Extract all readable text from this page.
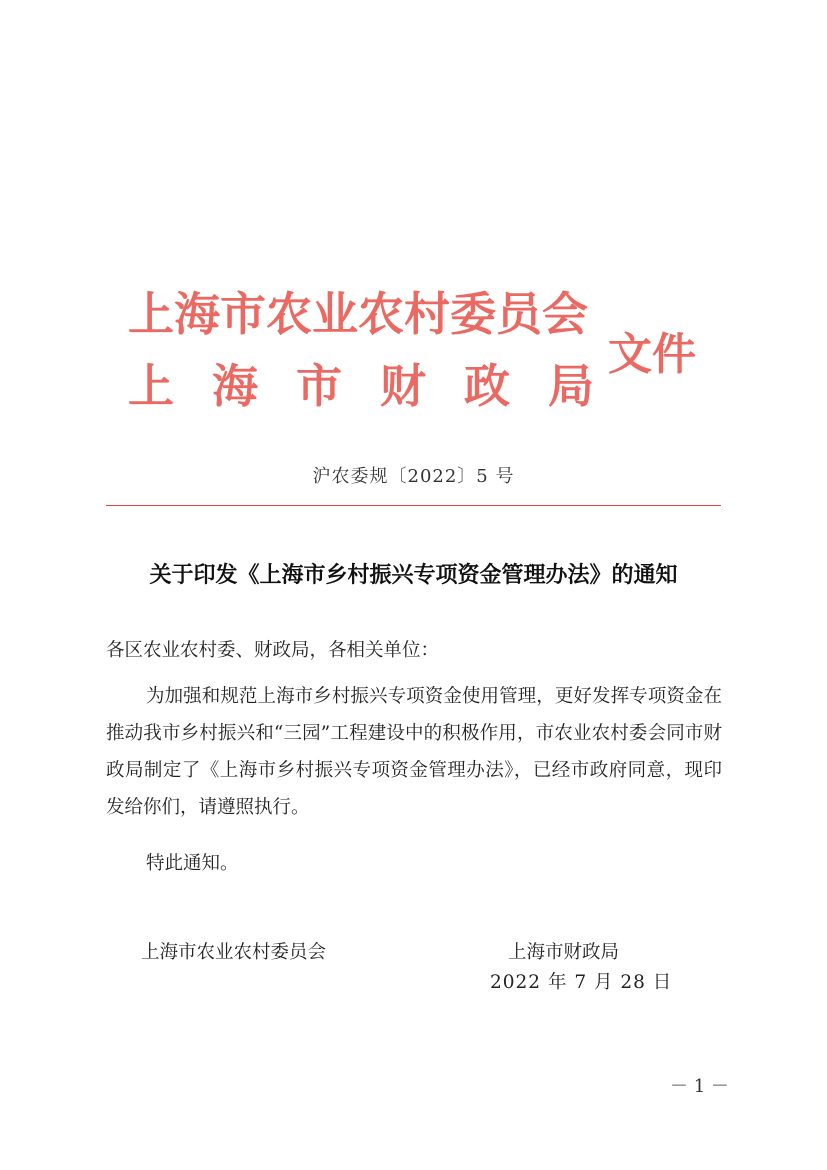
上海市农业农村委员会
上海市财政局
文件
沪农委规〔2022〕5 号
关于印发《上海市乡村振兴专项资金管理办法》的通知
各区农业农村委、财政局，各相关单位：
为加强和规范上海市乡村振兴专项资金使用管理，更好发挥专项资金在推动我市乡村振兴和“三园”工程建设中的积极作用，市农业农村委会同市财政局制定了《上海市乡村振兴专项资金管理办法》，已经市政府同意，现印发给你们，请遵照执行。
特此通知。
上海市农业农村委员会	上海市财政局
2022 年 7 月 28 日
－ 1 －
